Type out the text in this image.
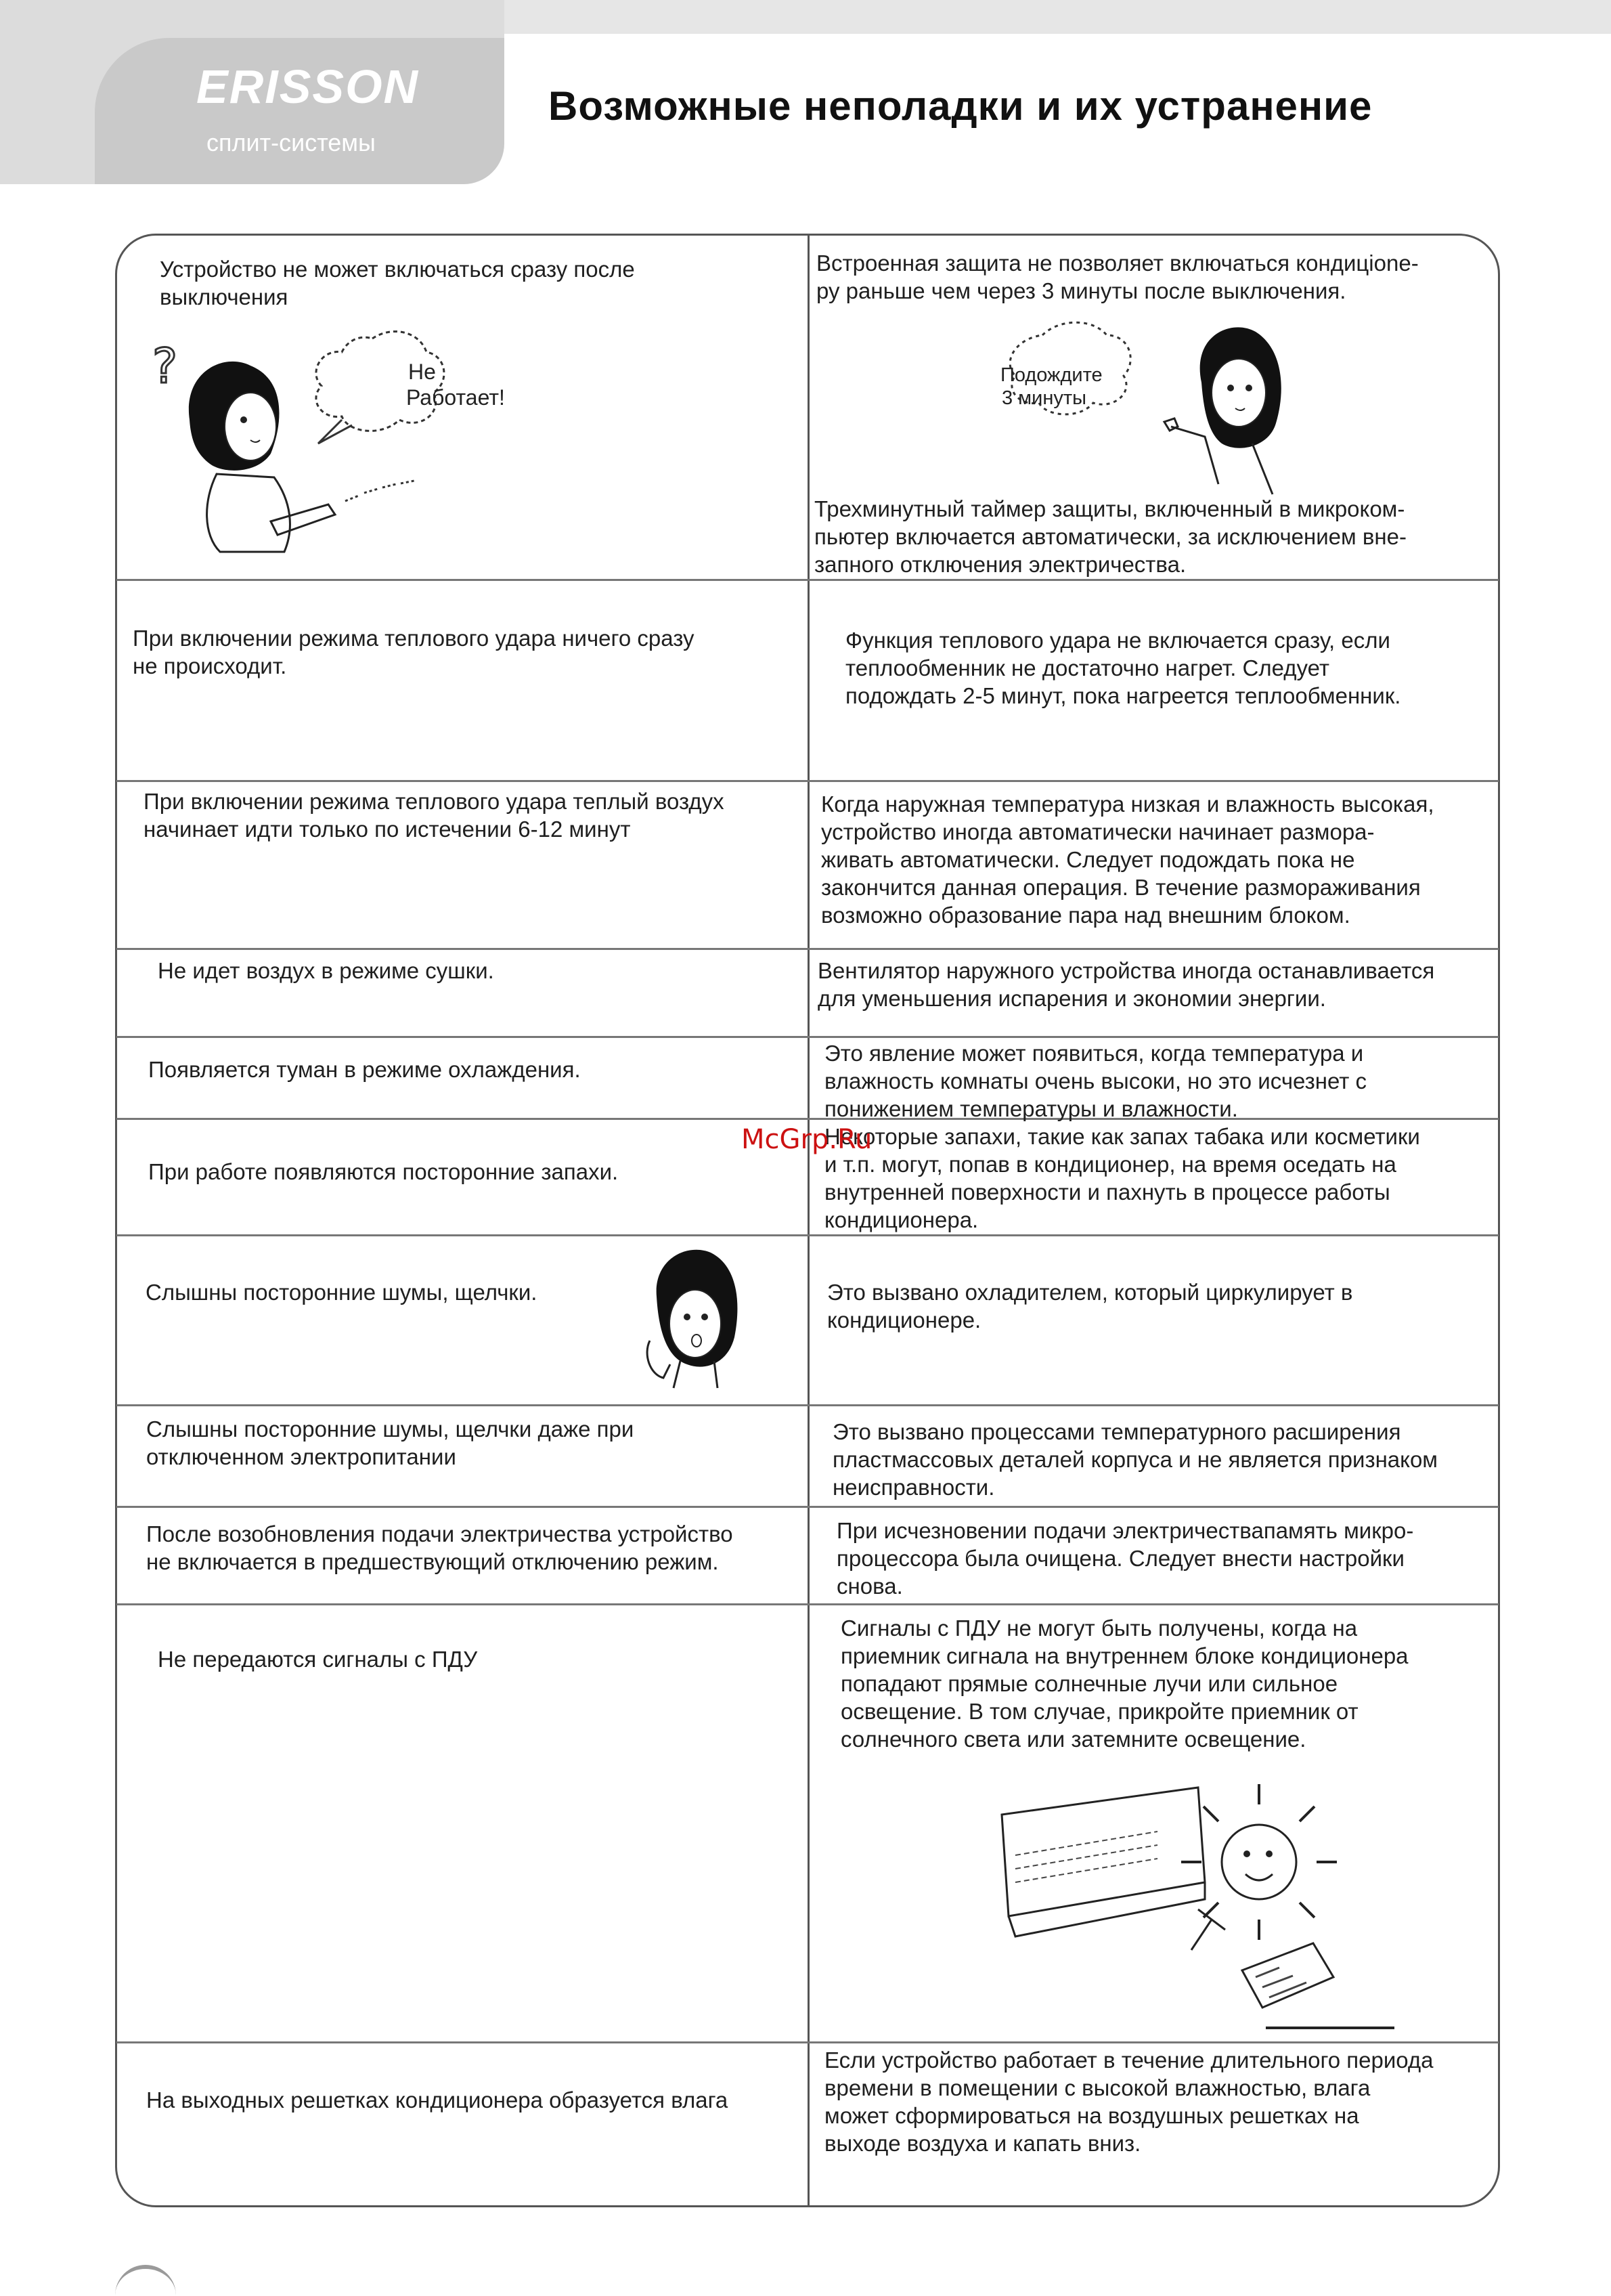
ERISSON
сплит-системы
Возможные неполадки и их устранение
Устройство не может включаться сразу после
выключения
Встроенная защита не позволяет включаться кондицione-
ру раньше чем через 3 минуты после выключения.
Трехминутный таймер защиты, включенный в микроком-
пьютер включается автоматически, за исключением вне-
запного отключения электричества.
Не
Работает!
?	Подождите
3 минуты
При включении режима теплового удара ничего сразу
не происходит.
Функция теплового удара не включается сразу, если
теплообменник не достаточно нагрет. Следует
подождать 2-5 минут, пока нагреется теплообменник.
При включении режима теплового удара теплый воздух
начинает идти только по истечении 6-12 минут
Когда наружная температура низкая и влажность высокая,
устройство иногда автоматически начинает размора-
живать автоматически. Следует подождать пока не
закончится данная операция. В течение размораживания
возможно образование пара над внешним блоком.
Не идет воздух в режиме сушки.	Вентилятор наружного устройства иногда останавливается
для уменьшения испарения и экономии энергии.
Появляется туман в режиме охлаждения.
Это явление может появиться, когда температура и
влажность комнаты очень высоки, но это исчезнет с
понижением температуры и влажности.
При работе появляются посторонние запахи.
Некоторые запахи, такие как запах табака или косметики
и т.п. могут, попав в кондиционер, на время оседать на
внутренней поверхности и пахнуть в процессе работы
кондиционера.
McGrp.Ru
Слышны посторонние шумы, щелчки.	Это вызвано охладителем, который циркулирует в
кондиционере.
Слышны посторонние шумы, щелчки даже при
отключенном электропитании
Это вызвано процессами температурного расширения
пластмассовых деталей корпуса и не является признаком
неисправности.
После возобновления подачи электричества устройство
не включается в предшествующий отключению режим.
При исчезновении подачи электричествапамять микро-
процессора была очищена. Следует внести настройки
снова.
Не передаются сигналы с ПДУ
Сигналы с ПДУ не могут быть получены, когда на
приемник сигнала на внутреннем блоке кондиционера
попадают прямые солнечные лучи или сильное
освещение. В том случае, прикройте приемник от
солнечного света или затемните освещение.
На выходных решетках кондиционера образуется влага
Если устройство работает в течение длительного периода
времени в помещении с высокой влажностью, влага
может сформироваться на воздушных решетках на
выходе воздуха и капать вниз.
